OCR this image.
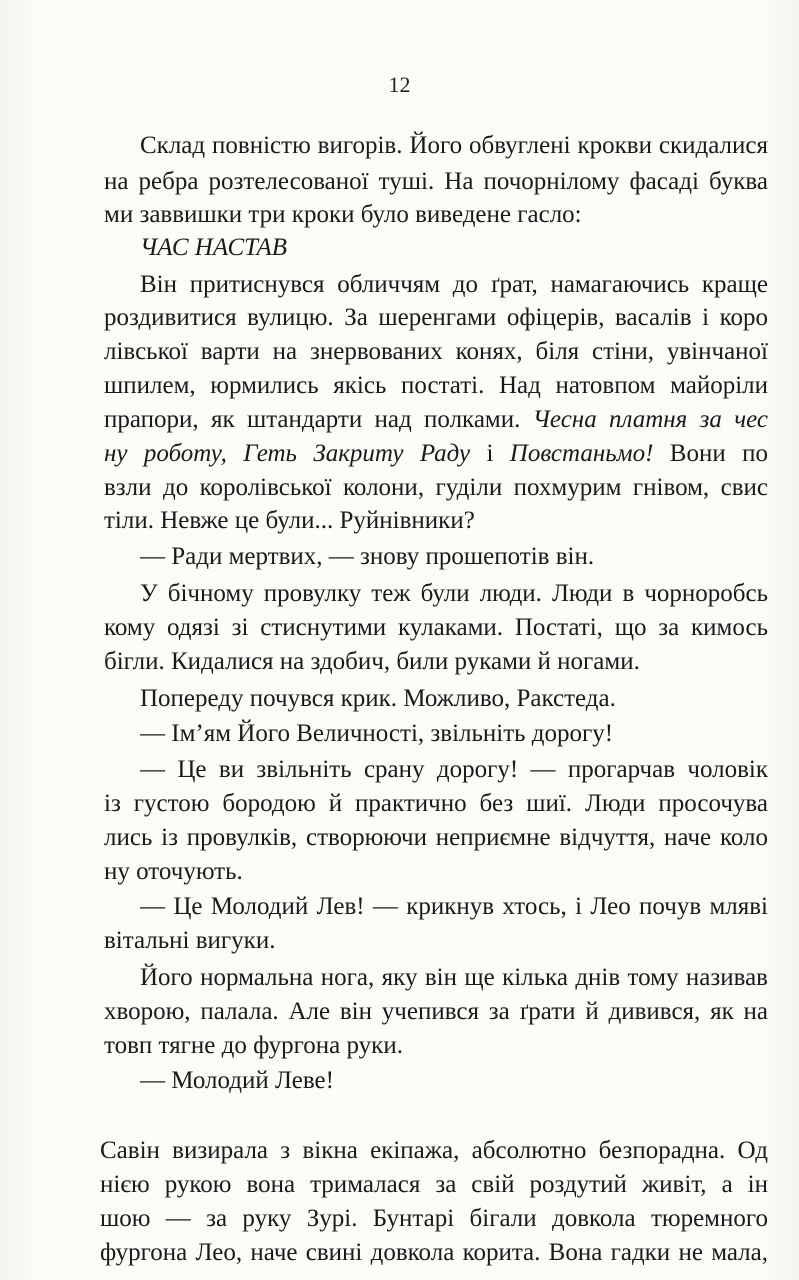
12
Склад повністю вигорів. Його обвуглені крокви скидалися
на ребра розтелесованої туші. На почорнілому фасаді буква
ми заввишки три кроки було виведене гасло:
ЧАС НАСТАВ
Він притиснувся обличчям до ґрат, намагаючись краще
роздивитися вулицю. За шеренгами офіцерів, васалів і коро
лівської варти на знервованих конях, біля стіни, увінчаної
шпилем, юрмились якісь постаті. Над натовпом майоріли
прапори, як штандарти над полками. Чесна платня за чес
ну роботу, Геть Закриту Раду і Повстаньмо! Вони по
взли до королівської колони, гуділи похмурим гнівом, свис
тіли. Невже це були... Руйнівники?
— Ради мертвих, — знову прошепотів він.
У бічному провулку теж були люди. Люди в чорноробсь
кому одязі зі стиснутими кулаками. Постаті, що за кимось
бігли. Кидалися на здобич, били руками й ногами.
Попереду почувся крик. Можливо, Ракстеда.
— Ім’ям Його Величності, звільніть дорогу!
— Це ви звільніть срану дорогу! — прогарчав чоловік
із густою бородою й практично без шиї. Люди просочува
лись із провулків, створюючи неприємне відчуття, наче коло
ну оточують.
— Це Молодий Лев! — крикнув хтось, і Лео почув мляві
вітальні вигуки.
Його нормальна нога, яку він ще кілька днів тому називав
хворою, палала. Але він учепився за ґрати й дивився, як на
товп тягне до фургона руки.
— Молодий Леве!
Савін визирала з вікна екіпажа, абсолютно безпорадна. Од
нією рукою вона трималася за свій роздутий живіт, а ін
шою — за руку Зурі. Бунтарі бігали довкола тюремного
фургона Лео, наче свині довкола корита. Вона гадки не мала,
